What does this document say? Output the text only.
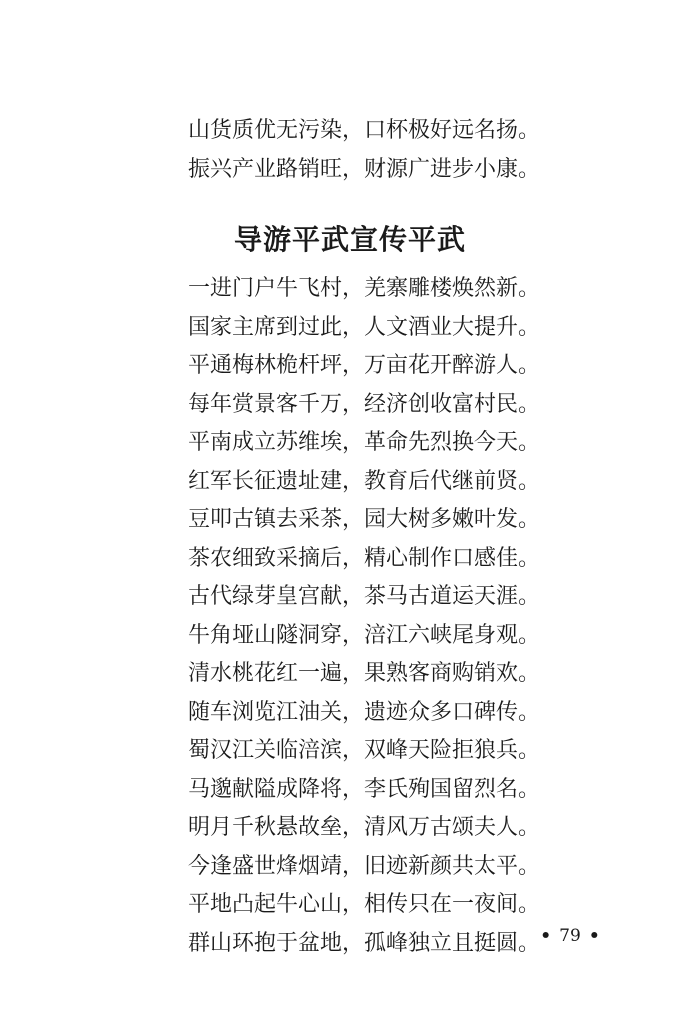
山货质优无污染，口杯极好远名扬。
振兴产业路销旺，财源广进步小康。
导游平武宣传平武
一进门户牛飞村，羌寨雕楼焕然新。
国家主席到过此，人文酒业大提升。
平通梅林桅杆坪，万亩花开醉游人。
每年赏景客千万，经济创收富村民。
平南成立苏维埃，革命先烈换今天。
红军长征遗址建，教育后代继前贤。
豆叩古镇去采茶，园大树多嫩叶发。
茶农细致采摘后，精心制作口感佳。
古代绿芽皇宫献，茶马古道运天涯。
牛角垭山隧洞穿，涪江六峡尾身观。
清水桃花红一遍，果熟客商购销欢。
随车浏览江油关，遗迹众多口碑传。
蜀汉江关临涪滨，双峰天险拒狼兵。
马邈献隘成降将，李氏殉国留烈名。
明月千秋悬故垒，清风万古颂夫人。
今逢盛世烽烟靖，旧迹新颜共太平。
平地凸起牛心山，相传只在一夜间。
群山环抱于盆地，孤峰独立且挺圆。 • 79 •
